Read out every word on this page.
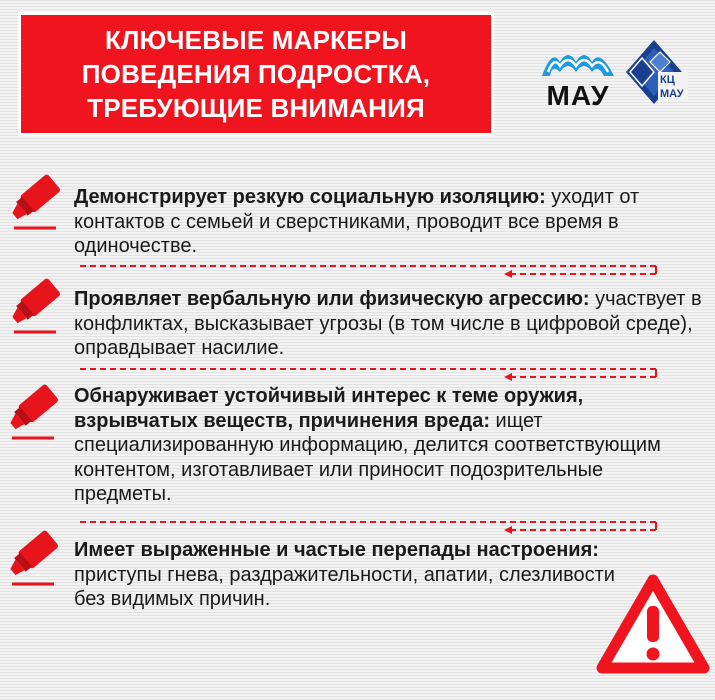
КЛЮЧЕВЫЕ МАРКЕРЫ
ПОВЕДЕНИЯ ПОДРОСТКА,
ТРЕБУЮЩИЕ ВНИМАНИЯ	МАУ	КЦ
МАУ
Демонстрирует резкую социальную изоляцию: уходит от контактов с семьей и сверстниками, проводит все время в одиночестве.
Проявляет вербальную или физическую агрессию: участвует в конфликтах, высказывает угрозы (в том числе в цифровой среде), оправдывает насилие.
Обнаруживает устойчивый интерес к теме оружия, взрывчатых веществ, причинения вреда: ищет специализированную информацию, делится соответствующим контентом, изготавливает или приносит подозрительные предметы.
Имеет выраженные и частые перепады настроения: приступы гнева, раздражительности, апатии, слезливости без видимых причин.
